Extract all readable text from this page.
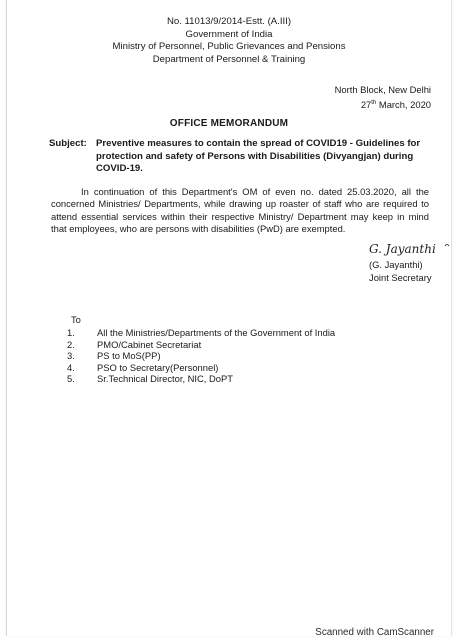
No. 11013/9/2014-Estt. (A.III)
Government of India
Ministry of Personnel, Public Grievances and Pensions
Department of Personnel & Training
North Block, New Delhi
27th March, 2020
OFFICE MEMORANDUM
Subject: Preventive measures to contain the spread of COVID19 - Guidelines for protection and safety of Persons with Disabilities (Divyangjan) during COVID-19.
In continuation of this Department's OM of even no. dated 25.03.2020, all the concerned Ministries/ Departments, while drawing up roaster of staff who are required to attend essential services within their respective Ministry/ Department may keep in mind that employees, who are persons with disabilities (PwD) are exempted.
G. Jayanthi
(G. Jayanthi)
Joint Secretary
To
1. All the Ministries/Departments of the Government of India
2. PMO/Cabinet Secretariat
3. PS to MoS(PP)
4. PSO to Secretary(Personnel)
5. Sr.Technical Director, NIC, DoPT
Scanned with CamScanner
